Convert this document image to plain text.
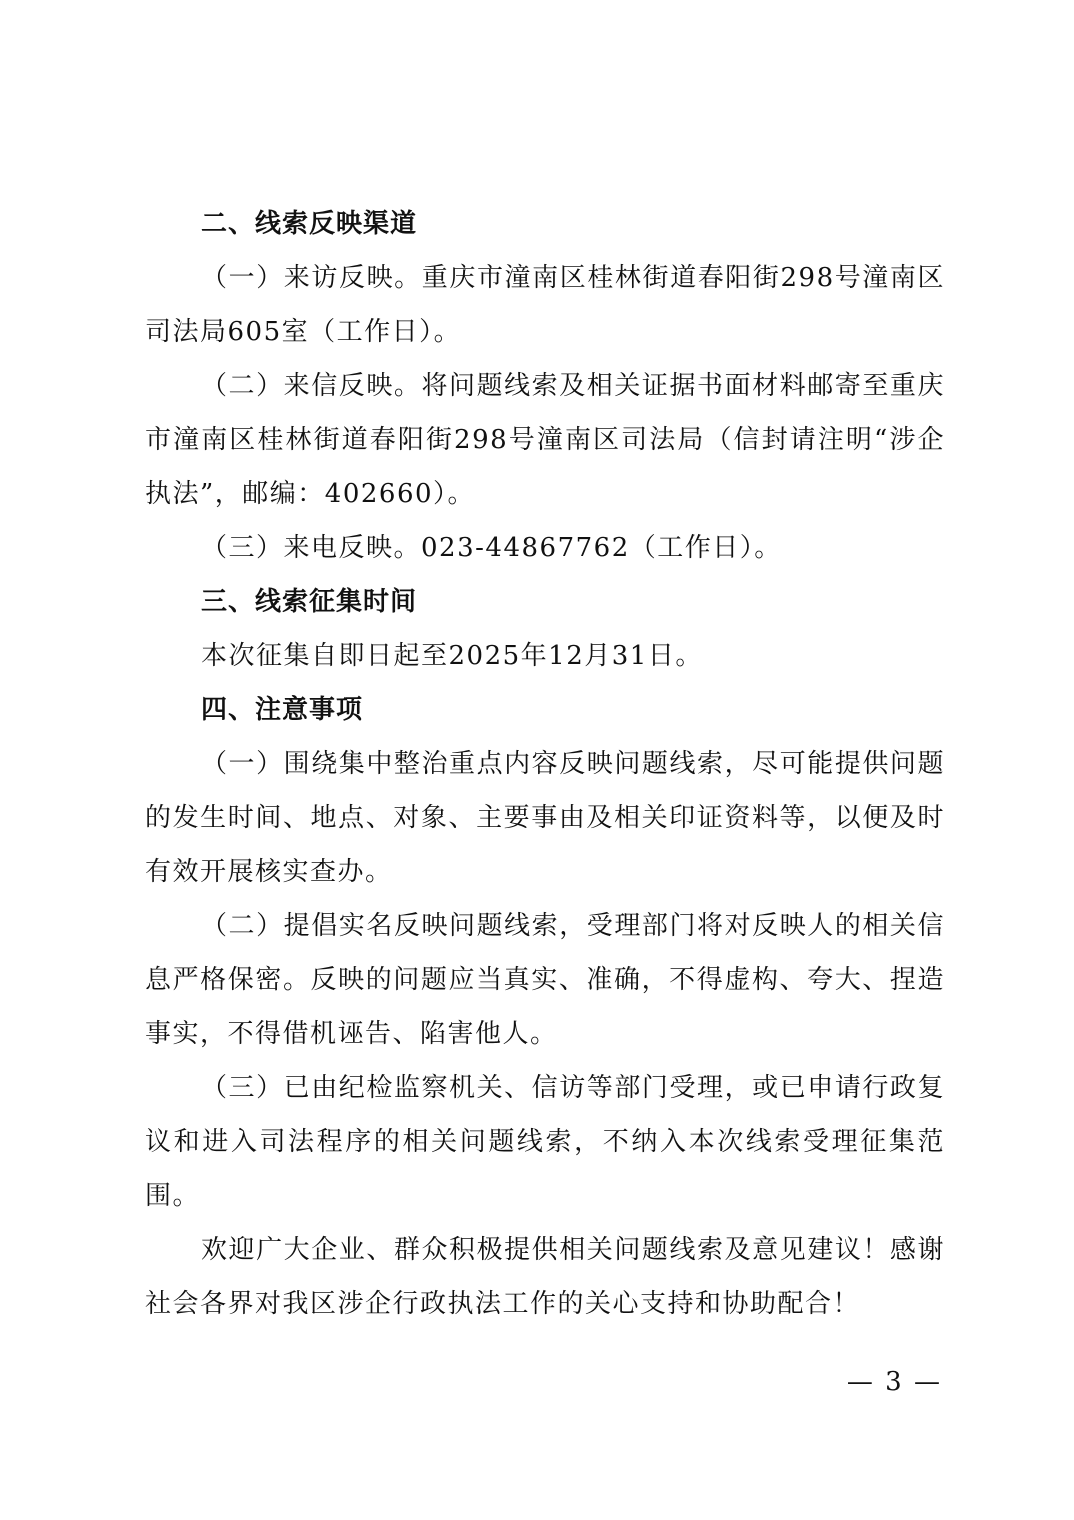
二、线索反映渠道

（一）来访反映。重庆市潼南区桂林街道春阳街298号潼南区司法局605室（工作日）。

（二）来信反映。将问题线索及相关证据书面材料邮寄至重庆市潼南区桂林街道春阳街298号潼南区司法局（信封请注明“涉企执法”，邮编：402660）。

（三）来电反映。023-44867762（工作日）。

三、线索征集时间

本次征集自即日起至2025年12月31日。

四、注意事项

（一）围绕集中整治重点内容反映问题线索，尽可能提供问题的发生时间、地点、对象、主要事由及相关印证资料等，以便及时有效开展核实查办。

（二）提倡实名反映问题线索，受理部门将对反映人的相关信息严格保密。反映的问题应当真实、准确，不得虚构、夸大、捏造事实，不得借机诬告、陷害他人。

（三）已由纪检监察机关、信访等部门受理，或已申请行政复议和进入司法程序的相关问题线索，不纳入本次线索受理征集范围。

欢迎广大企业、群众积极提供相关问题线索及意见建议！感谢社会各界对我区涉企行政执法工作的关心支持和协助配合！

— 3 —
